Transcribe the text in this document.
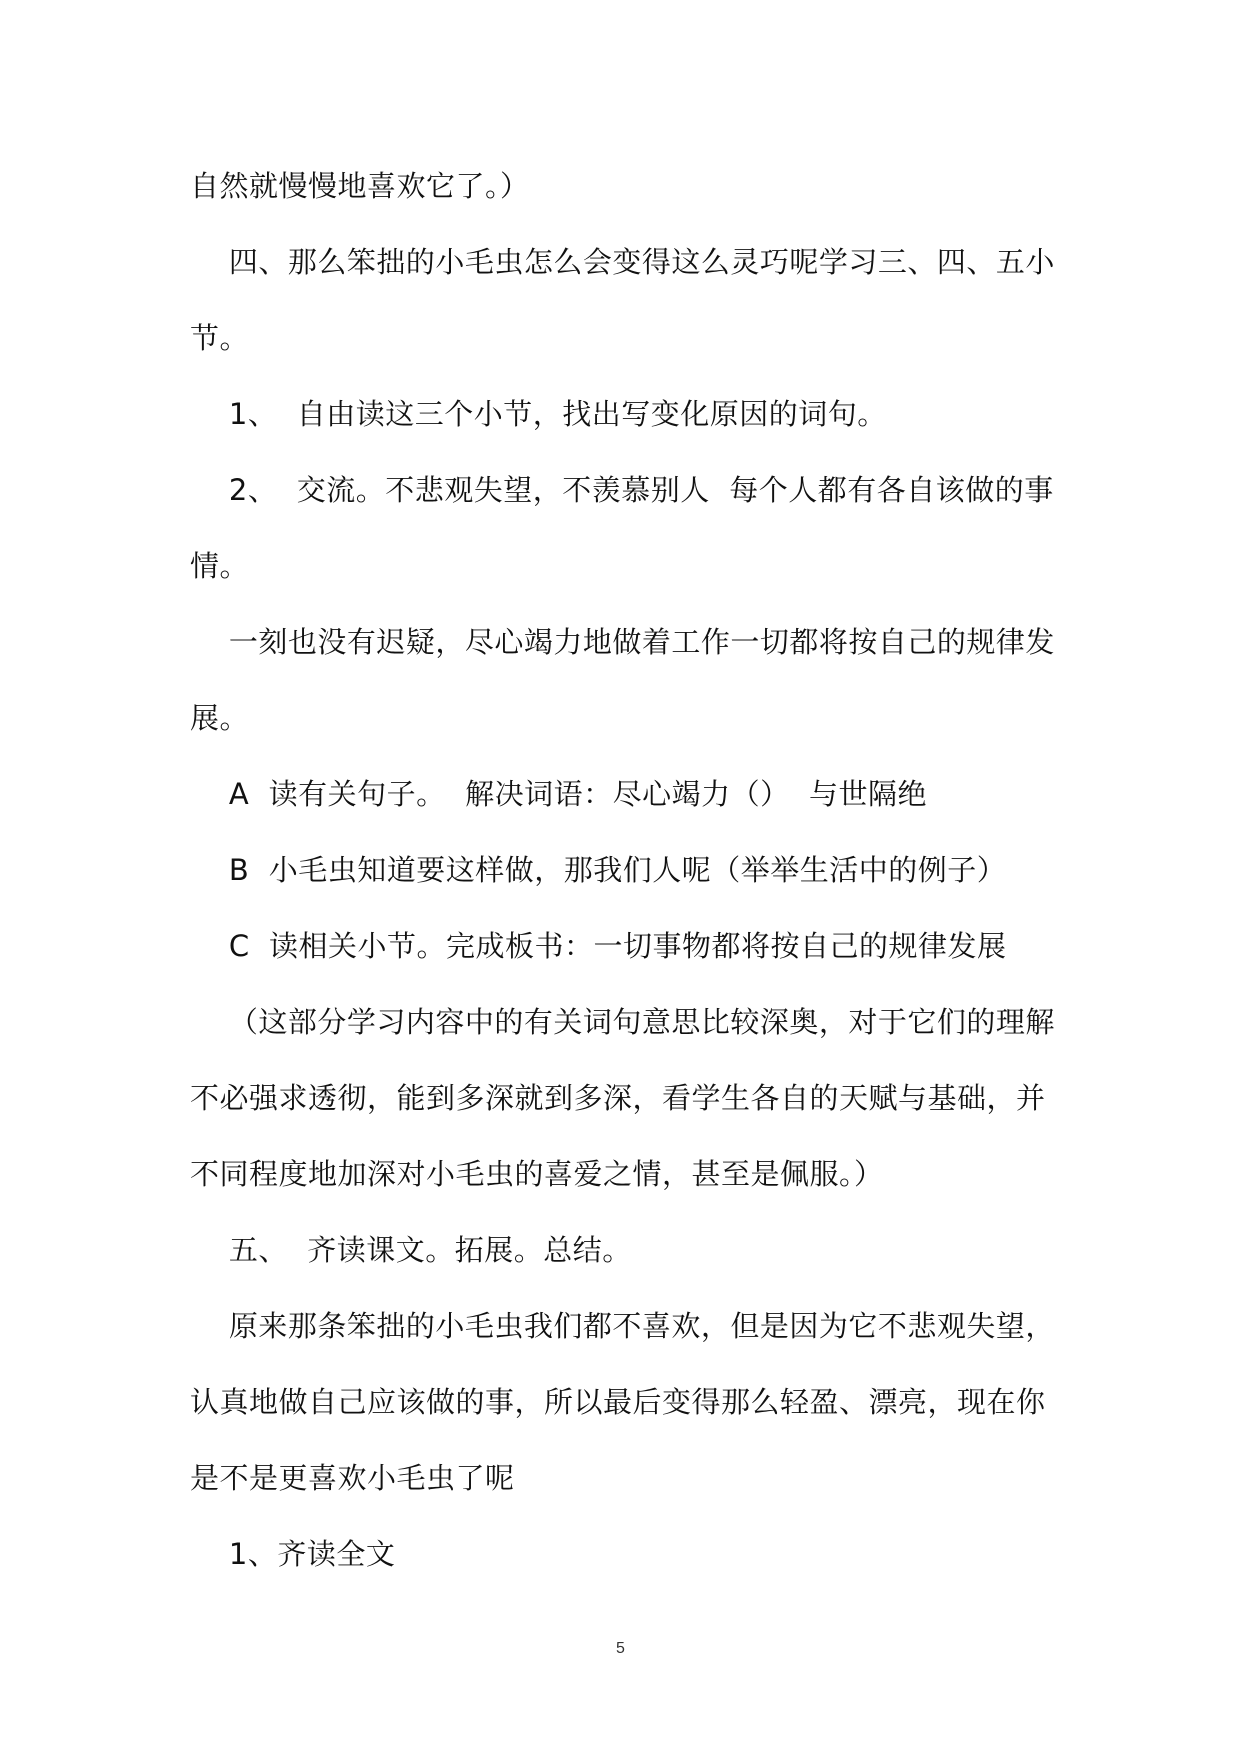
自然就慢慢地喜欢它了。）

四、那么笨拙的小毛虫怎么会变得这么灵巧呢学习三、四、五小节。

1、  自由读这三个小节，找出写变化原因的词句。

2、  交流。不悲观失望，不羡慕别人  每个人都有各自该做的事情。

一刻也没有迟疑，尽心竭力地做着工作一切都将按自己的规律发展。

A  读有关句子。  解决词语：尽心竭力（）  与世隔绝

B  小毛虫知道要这样做，那我们人呢（举举生活中的例子）

C  读相关小节。完成板书：一切事物都将按自己的规律发展

（这部分学习内容中的有关词句意思比较深奥，对于它们的理解不必强求透彻，能到多深就到多深，看学生各自的天赋与基础，并不同程度地加深对小毛虫的喜爱之情，甚至是佩服。）

五、  齐读课文。拓展。总结。

原来那条笨拙的小毛虫我们都不喜欢，但是因为它不悲观失望，认真地做自己应该做的事，所以最后变得那么轻盈、漂亮，现在你是不是更喜欢小毛虫了呢

1、齐读全文

5
